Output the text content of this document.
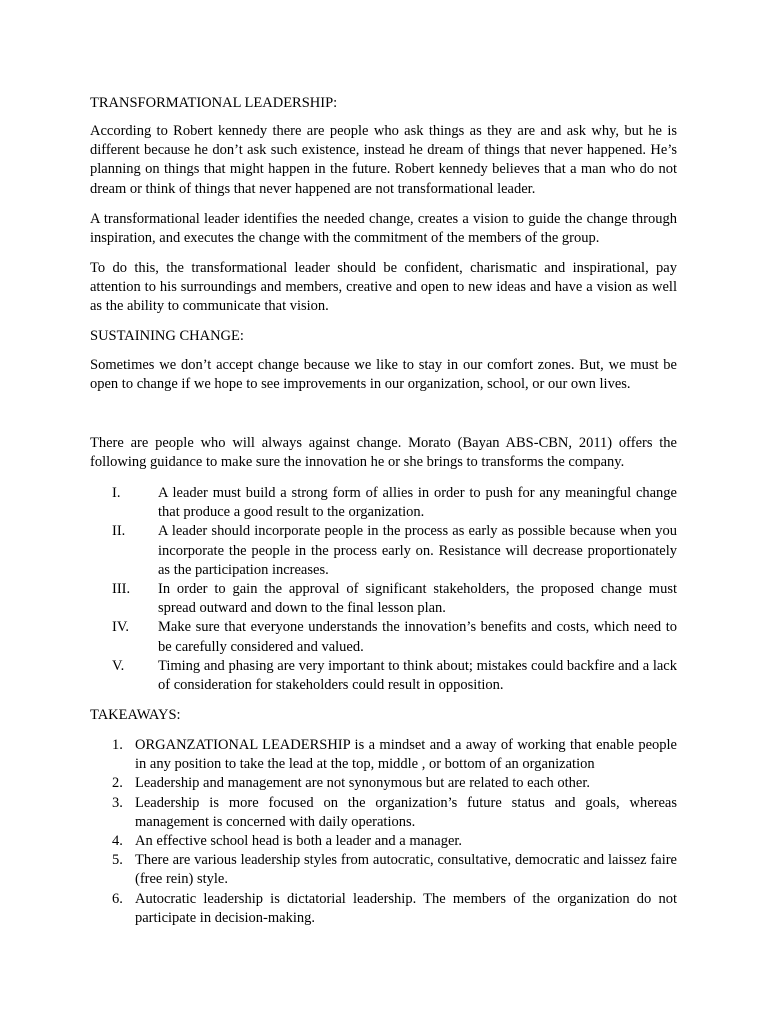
TRANSFORMATIONAL LEADERSHIP:

According to Robert kennedy there are people who ask things as they are and ask why, but he is different because he don’t ask such existence, instead he dream of things that never happened. He’s planning on things that might happen in the future. Robert kennedy believes that a man who do not dream or think of things that never happened are not transformational leader.

A transformational leader identifies the needed change, creates a vision to guide the change through inspiration, and executes the change with the commitment of the members of the group.

To do this, the transformational leader should be confident, charismatic and inspirational, pay attention to his surroundings and members, creative and open to new ideas and have a vision as well as the ability to communicate that vision.

SUSTAINING CHANGE:

Sometimes we don’t accept change because we like to stay in our comfort zones. But, we must be open to change if we hope to see improvements in our organization, school, or our own lives.

There are people who will always against change. Morato (Bayan ABS-CBN, 2011) offers the following guidance to make sure the innovation he or she brings to transforms the company.

I.	A leader must build a strong form of allies in order to push for any meaningful change that produce a good result to the organization.
II. A leader should incorporate people in the process as early as possible because when you incorporate the people in the process early on. Resistance will decrease proportionately as the participation increases.
III. In order to gain the approval of significant stakeholders, the proposed change must spread outward and down to the final lesson plan.
IV. Make sure that everyone understands the innovation’s benefits and costs, which need to be carefully considered and valued.
V. Timing and phasing are very important to think about; mistakes could backfire and a lack of consideration for stakeholders could result in opposition.

TAKEAWAYS:

1. ORGANZATIONAL LEADERSHIP is a mindset and a away of working that enable people in any position to take the lead at the top, middle , or bottom of an organization
2. Leadership and management are not synonymous but are related to each other.
3. Leadership is more focused on the organization’s future status and goals, whereas management is concerned with daily operations.
4. An effective school head is both a leader and a manager.
5. There are various leadership styles from autocratic, consultative, democratic and laissez faire (free rein) style.
6. Autocratic leadership is dictatorial leadership. The members of the organization do not participate in decision-making.
